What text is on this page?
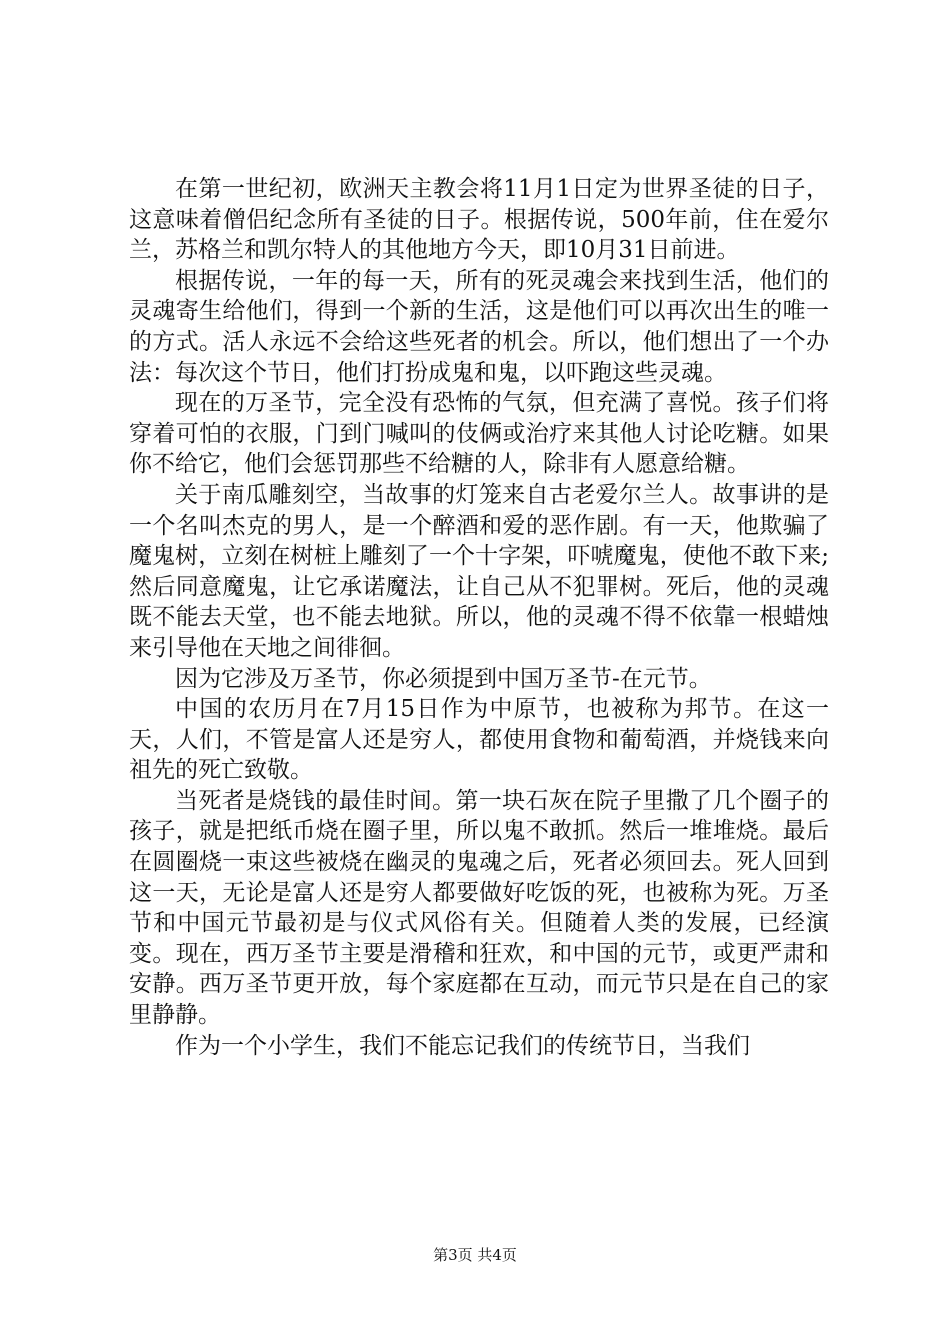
在第一世纪初，欧洲天主教会将11月1日定为世界圣徒的日子，这意味着僧侣纪念所有圣徒的日子。根据传说，500年前，住在爱尔兰，苏格兰和凯尔特人的其他地方今天，即10月31日前进。

根据传说，一年的每一天，所有的死灵魂会来找到生活，他们的灵魂寄生给他们，得到一个新的生活，这是他们可以再次出生的唯一的方式。活人永远不会给这些死者的机会。所以，他们想出了一个办法：每次这个节日，他们打扮成鬼和鬼，以吓跑这些灵魂。

现在的万圣节，完全没有恐怖的气氛，但充满了喜悦。孩子们将穿着可怕的衣服，门到门喊叫的伎俩或治疗来其他人讨论吃糖。如果你不给它，他们会惩罚那些不给糖的人，除非有人愿意给糖。

关于南瓜雕刻空，当故事的灯笼来自古老爱尔兰人。故事讲的是一个名叫杰克的男人，是一个醉酒和爱的恶作剧。有一天，他欺骗了魔鬼树，立刻在树桩上雕刻了一个十字架，吓唬魔鬼，使他不敢下来;然后同意魔鬼，让它承诺魔法，让自己从不犯罪树。死后，他的灵魂既不能去天堂，也不能去地狱。所以，他的灵魂不得不依靠一根蜡烛来引导他在天地之间徘徊。

因为它涉及万圣节，你必须提到中国万圣节-在元节。

中国的农历月在7月15日作为中原节，也被称为邦节。在这一天，人们，不管是富人还是穷人，都使用食物和葡萄酒，并烧钱来向祖先的死亡致敬。

当死者是烧钱的最佳时间。第一块石灰在院子里撒了几个圈子的孩子，就是把纸币烧在圈子里，所以鬼不敢抓。然后一堆堆烧。最后在圆圈烧一束这些被烧在幽灵的鬼魂之后，死者必须回去。死人回到这一天，无论是富人还是穷人都要做好吃饭的死，也被称为死。万圣节和中国元节最初是与仪式风俗有关。但随着人类的发展，已经演变。现在，西万圣节主要是滑稽和狂欢，和中国的元节，或更严肃和安静。西万圣节更开放，每个家庭都在互动，而元节只是在自己的家里静静。

作为一个小学生，我们不能忘记我们的传统节日，当我们

第3页 共4页
